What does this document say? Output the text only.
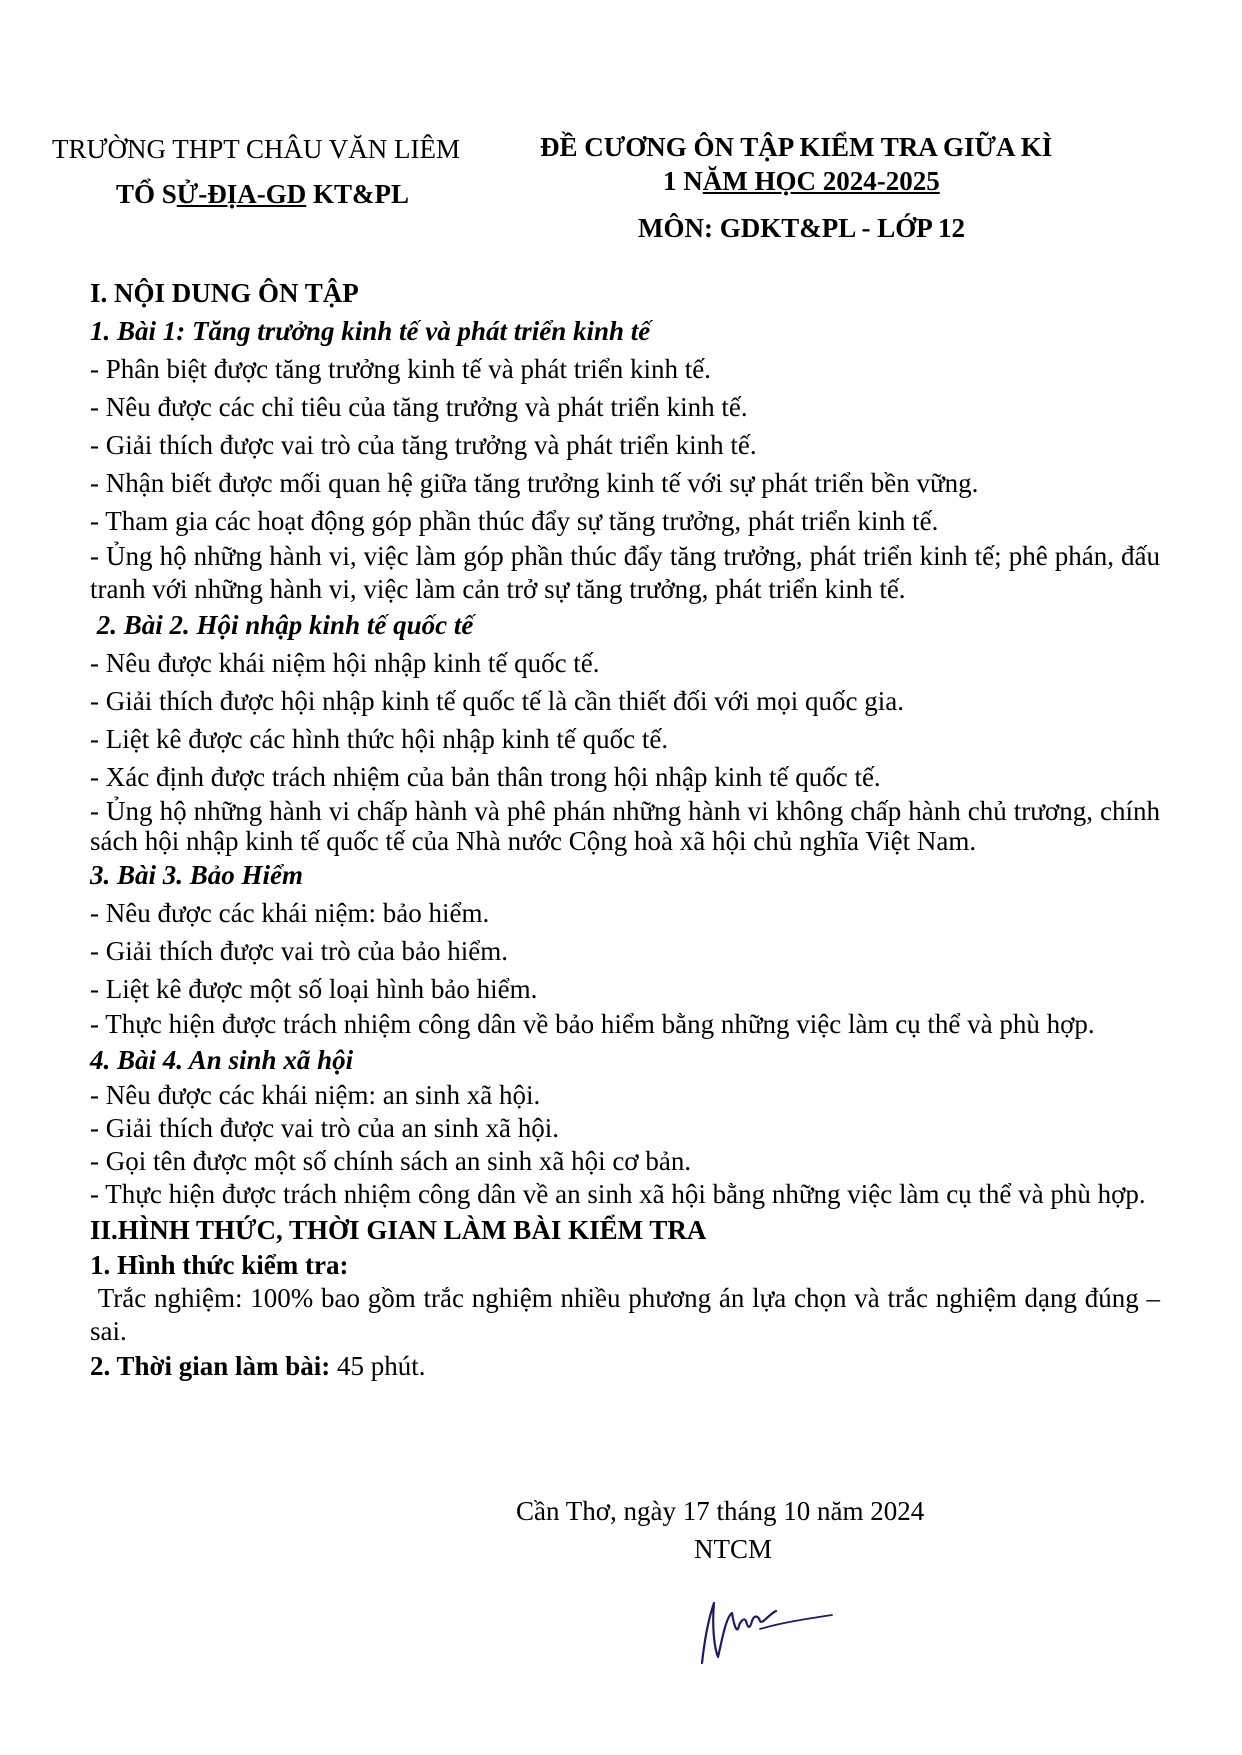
TRƯỜNG THPT CHÂU VĂN LIÊM
TỔ SỬ-ĐỊA-GD KT&PL
ĐỀ CƯƠNG ÔN TẬP KIỂM TRA GIỮA KÌ
1 NĂM HỌC 2024-2025
MÔN: GDKT&PL - LỚP 12

I. NỘI DUNG ÔN TẬP

1. Bài 1: Tăng trưởng kinh tế và phát triển kinh tế

- Phân biệt được tăng trưởng kinh tế và phát triển kinh tế.

- Nêu được các chỉ tiêu của tăng trưởng và phát triển kinh tế.

- Giải thích được vai trò của tăng trưởng và phát triển kinh tế.

- Nhận biết được mối quan hệ giữa tăng trưởng kinh tế với sự phát triển bền vững.

- Tham gia các hoạt động góp phần thúc đẩy sự tăng trưởng, phát triển kinh tế.

- Ủng hộ những hành vi, việc làm góp phần thúc đẩy tăng trưởng, phát triển kinh tế; phê phán, đấu tranh với những hành vi, việc làm cản trở sự tăng trưởng, phát triển kinh tế.

2. Bài 2. Hội nhập kinh tế quốc tế

- Nêu được khái niệm hội nhập kinh tế quốc tế.

- Giải thích được hội nhập kinh tế quốc tế là cần thiết đối với mọi quốc gia.

- Liệt kê được các hình thức hội nhập kinh tế quốc tế.

- Xác định được trách nhiệm của bản thân trong hội nhập kinh tế quốc tế.

- Ủng hộ những hành vi chấp hành và phê phán những hành vi không chấp hành chủ trương, chính sách hội nhập kinh tế quốc tế của Nhà nước Cộng hoà xã hội chủ nghĩa Việt Nam.

3. Bài 3. Bảo Hiểm

- Nêu được các khái niệm: bảo hiểm.

- Giải thích được vai trò của bảo hiểm.

- Liệt kê được một số loại hình bảo hiểm.

- Thực hiện được trách nhiệm công dân về bảo hiểm bằng những việc làm cụ thể và phù hợp.

4. Bài 4. An sinh xã hội

- Nêu được các khái niệm: an sinh xã hội.

- Giải thích được vai trò của an sinh xã hội.

- Gọi tên được một số chính sách an sinh xã hội cơ bản.

- Thực hiện được trách nhiệm công dân về an sinh xã hội bằng những việc làm cụ thể và phù hợp.

II.HÌNH THỨC, THỜI GIAN LÀM BÀI KIỂM TRA

1. Hình thức kiểm tra:

Trắc nghiệm: 100% bao gồm trắc nghiệm nhiều phương án lựa chọn và trắc nghiệm dạng đúng – sai.

2. Thời gian làm bài: 45 phút.

Cần Thơ, ngày 17 tháng 10 năm 2024
NTCM
